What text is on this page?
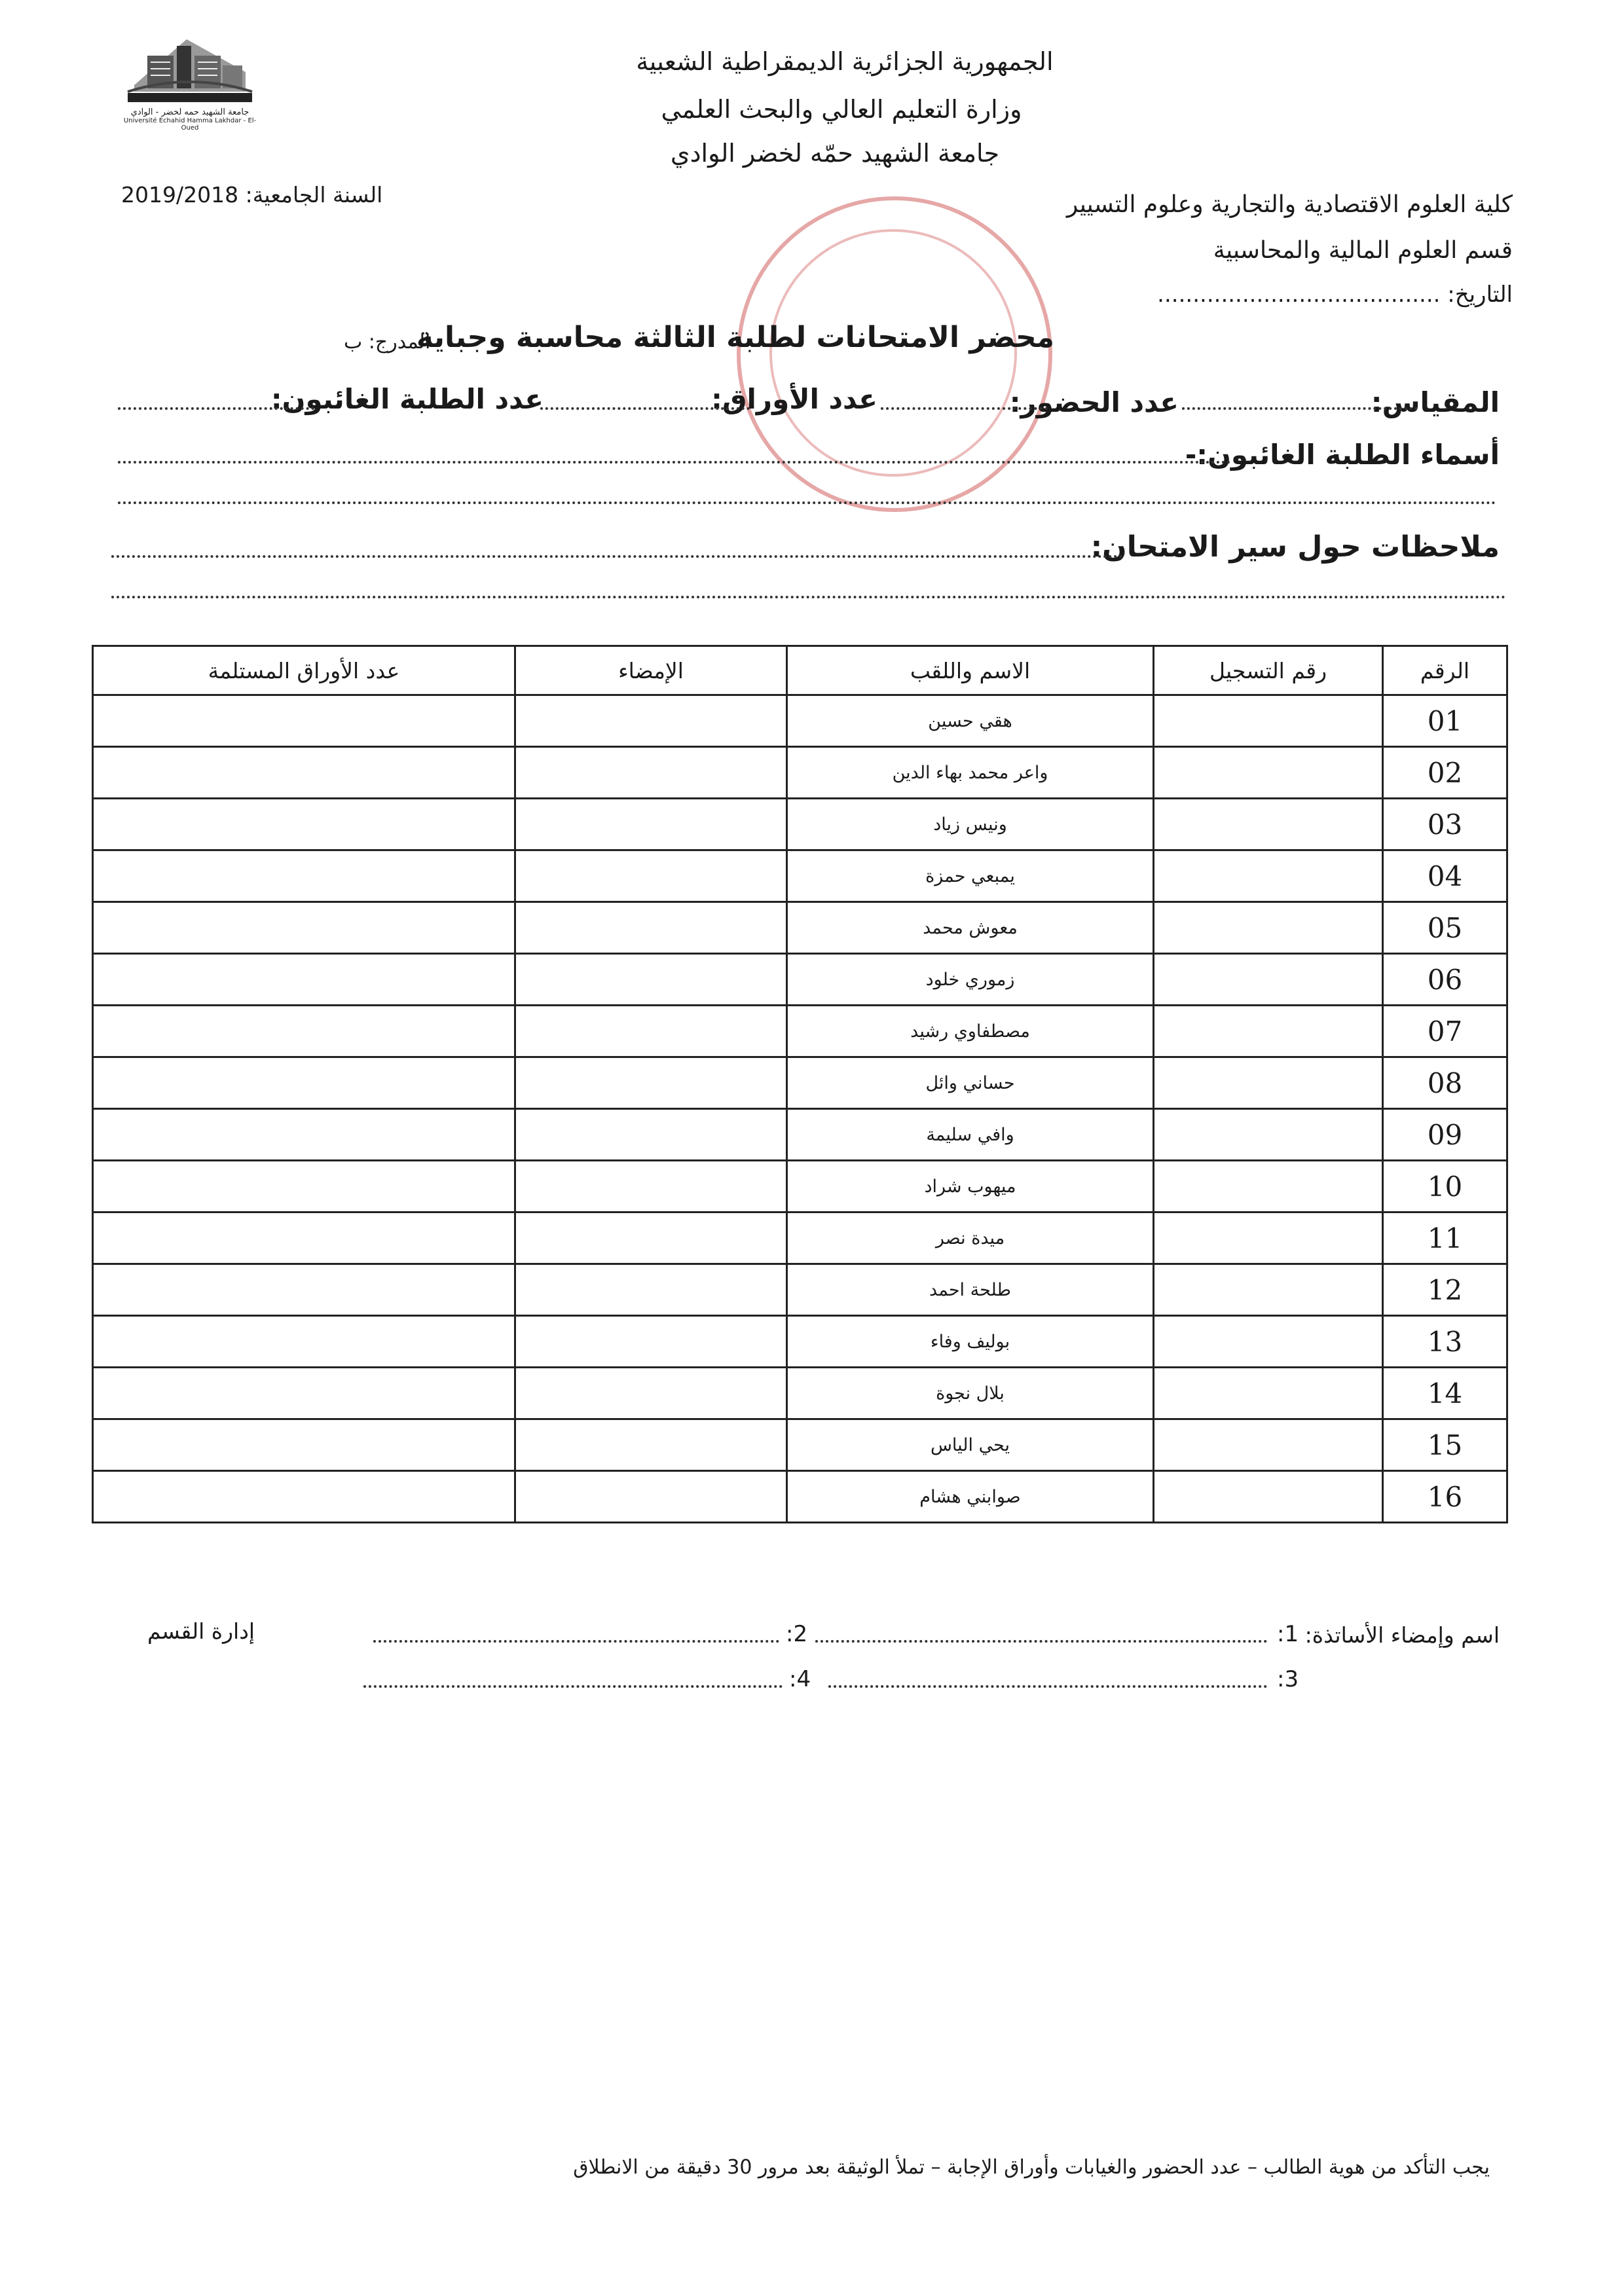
جامعة الشهيد حمه لخضر - الوادي
Université Echahid Hamma Lakhdar - El-Oued
الجمهورية الجزائرية الديمقراطية الشعبية
وزارة التعليم العالي والبحث العلمي
جامعة الشهيد حمّه لخضر الوادي
السنة الجامعية: 2019/2018	كلية العلوم الاقتصادية والتجارية وعلوم التسيير
قسم العلوم المالية والمحاسبية
التاريخ: ........................................
محضر الامتحانات لطلبة الثالثة محاسبة وجباية
المدرج: ب
المقياس:
عدد الحضور:
عدد الأوراق:
عدد الطلبة الغائبون:
أسماء الطلبة الغائبون:-
ملاحظات حول سير الامتحان:
الرقم	رقم التسجيل	الاسم واللقب	الإمضاء	عدد الأوراق المستلمة
01		هقي حسين		
02		واعر محمد بهاء الدين		
03		ونيس زياد		
04		يمبعي حمزة		
05		معوش محمد		
06		زموري خلود		
07		مصطفاوي رشيد		
08		حساني وائل		
09		وافي سليمة		
10		ميهوب شراد		
11		ميدة نصر		
12		طلحة احمد		
13		بوليف وفاء		
14		بلال نجوة		
15		يحي الياس		
16		صوابني هشام		
اسم وإمضاء الأساتذة:
1:
:2
3:
:4
إدارة القسم
يجب التأكد من هوية الطالب – عدد الحضور والغيابات وأوراق الإجابة – تملأ الوثيقة بعد مرور 30 دقيقة من الانطلاق
